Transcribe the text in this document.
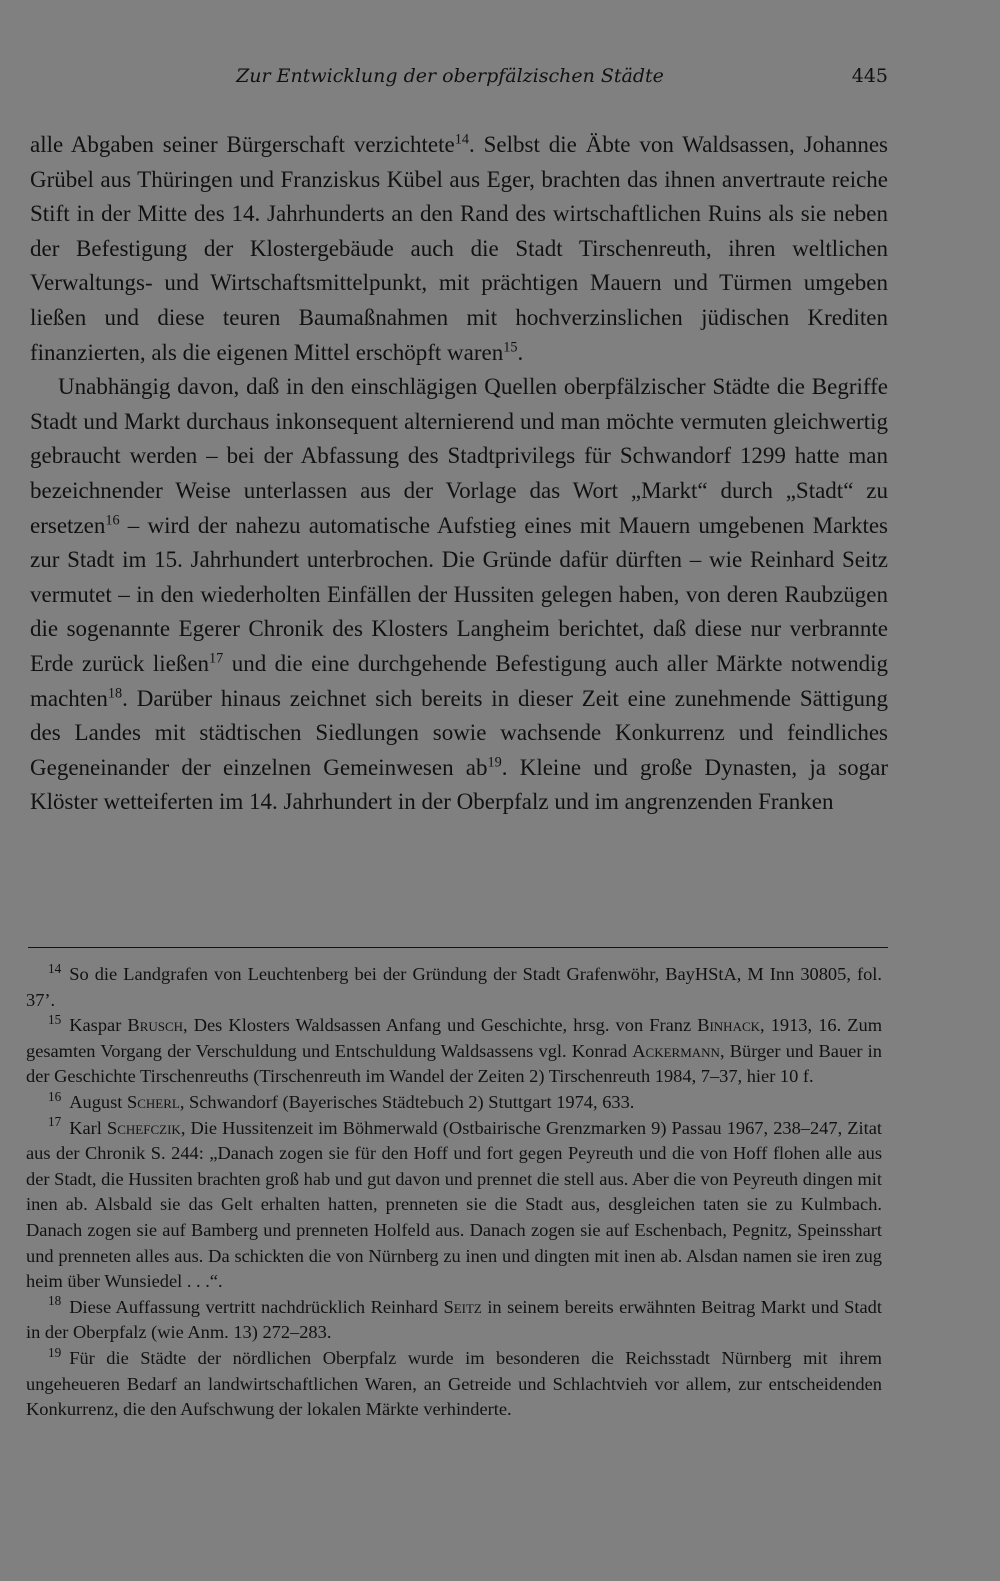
Zur Entwicklung der oberpfälzischen Städte	445

alle Abgaben seiner Bürgerschaft verzichtete$^{14}$. Selbst die Äbte von Waldsassen, Johannes Grübel aus Thüringen und Franziskus Kübel aus Eger, brachten das ihnen anvertraute reiche Stift in der Mitte des 14. Jahrhunderts an den Rand des wirtschaftlichen Ruins als sie neben der Befestigung der Klostergebäude auch die Stadt Tirschenreuth, ihren weltlichen Verwaltungs- und Wirtschaftsmittelpunkt, mit prächtigen Mauern und Türmen umgeben ließen und diese teuren Baumaßnahmen mit hochverzinslichen jüdischen Krediten finanzierten, als die eigenen Mittel erschöpft waren$^{15}$.

Unabhängig davon, daß in den einschlägigen Quellen oberpfälzischer Städte die Begriffe Stadt und Markt durchaus inkonsequent alternierend und man möchte vermuten gleichwertig gebraucht werden – bei der Abfassung des Stadtprivilegs für Schwandorf 1299 hatte man bezeichnender Weise unterlassen aus der Vorlage das Wort „Markt“ durch „Stadt“ zu ersetzen$^{16}$ – wird der nahezu automatische Aufstieg eines mit Mauern umgebenen Marktes zur Stadt im 15. Jahrhundert unterbrochen. Die Gründe dafür dürften – wie Reinhard Seitz vermutet – in den wiederholten Einfällen der Hussiten gelegen haben, von deren Raubzügen die sogenannte Egerer Chronik des Klosters Langheim berichtet, daß diese nur verbrannte Erde zurück ließen$^{17}$ und die eine durchgehende Befestigung auch aller Märkte notwendig machten$^{18}$. Darüber hinaus zeichnet sich bereits in dieser Zeit eine zunehmende Sättigung des Landes mit städtischen Siedlungen sowie wachsende Konkurrenz und feindliches Gegeneinander der einzelnen Gemeinwesen $ab^{19}$. Kleine und große Dynasten, ja sogar Klöster wetteiferten im 14. Jahrhundert in der Oberpfalz und im angrenzenden Franken

$^{14}$ So die Landgrafen von Leuchtenberg bei der Gründung der Stadt Grafenwöhr, BayHStA, M Inn 30805, fol. 37’.

$^{15}$ Kaspar Brusch, Des Klosters Waldsassen Anfang und Geschichte, hrsg. von Franz Binhack, 1913, 16. Zum gesamten Vorgang der Verschuldung und Entschuldung Waldsassens vgl. Konrad Ackermann, Bürger und Bauer in der Geschichte Tirschenreuths (Tirschenreuth im Wandel der Zeiten 2) Tirschenreuth 1984, 7–37, hier 10 f.

$^{16}$ August Scherl, Schwandorf (Bayerisches Städtebuch 2) Stuttgart 1974, 633.

$^{17}$ Karl Schefczik, Die Hussitenzeit im Böhmerwald (Ostbairische Grenzmarken 9) Passau 1967, 238–247, Zitat aus der Chronik S. 244: „Danach zogen sie für den Hoff und fort gegen Peyreuth und die von Hoff flohen alle aus der Stadt, die Hussiten brachten groß hab und gut davon und prennet die stell aus. Aber die von Peyreuth dingen mit inen ab. Alsbald sie das Gelt erhalten hatten, prenneten sie die Stadt aus, desgleichen taten sie zu Kulmbach. Danach zogen sie auf Bamberg und prenneten Holfeld aus. Danach zogen sie auf Eschenbach, Pegnitz, Speinsshart und prenneten alles aus. Da schickten die von Nürnberg zu inen und dingten mit inen ab. Alsdan namen sie iren zug heim über Wunsiedel . . .“.

$^{18}$ Diese Auffassung vertritt nachdrücklich Reinhard Seitz in seinem bereits erwähnten Beitrag Markt und Stadt in der Oberpfalz (wie Anm. 13) 272–283.

$^{19}$ Für die Städte der nördlichen Oberpfalz wurde im besonderen die Reichsstadt Nürnberg mit ihrem ungeheueren Bedarf an landwirtschaftlichen Waren, an Getreide und Schlachtvieh vor allem, zur entscheidenden Konkurrenz, die den Aufschwung der lokalen Märkte verhinderte.
